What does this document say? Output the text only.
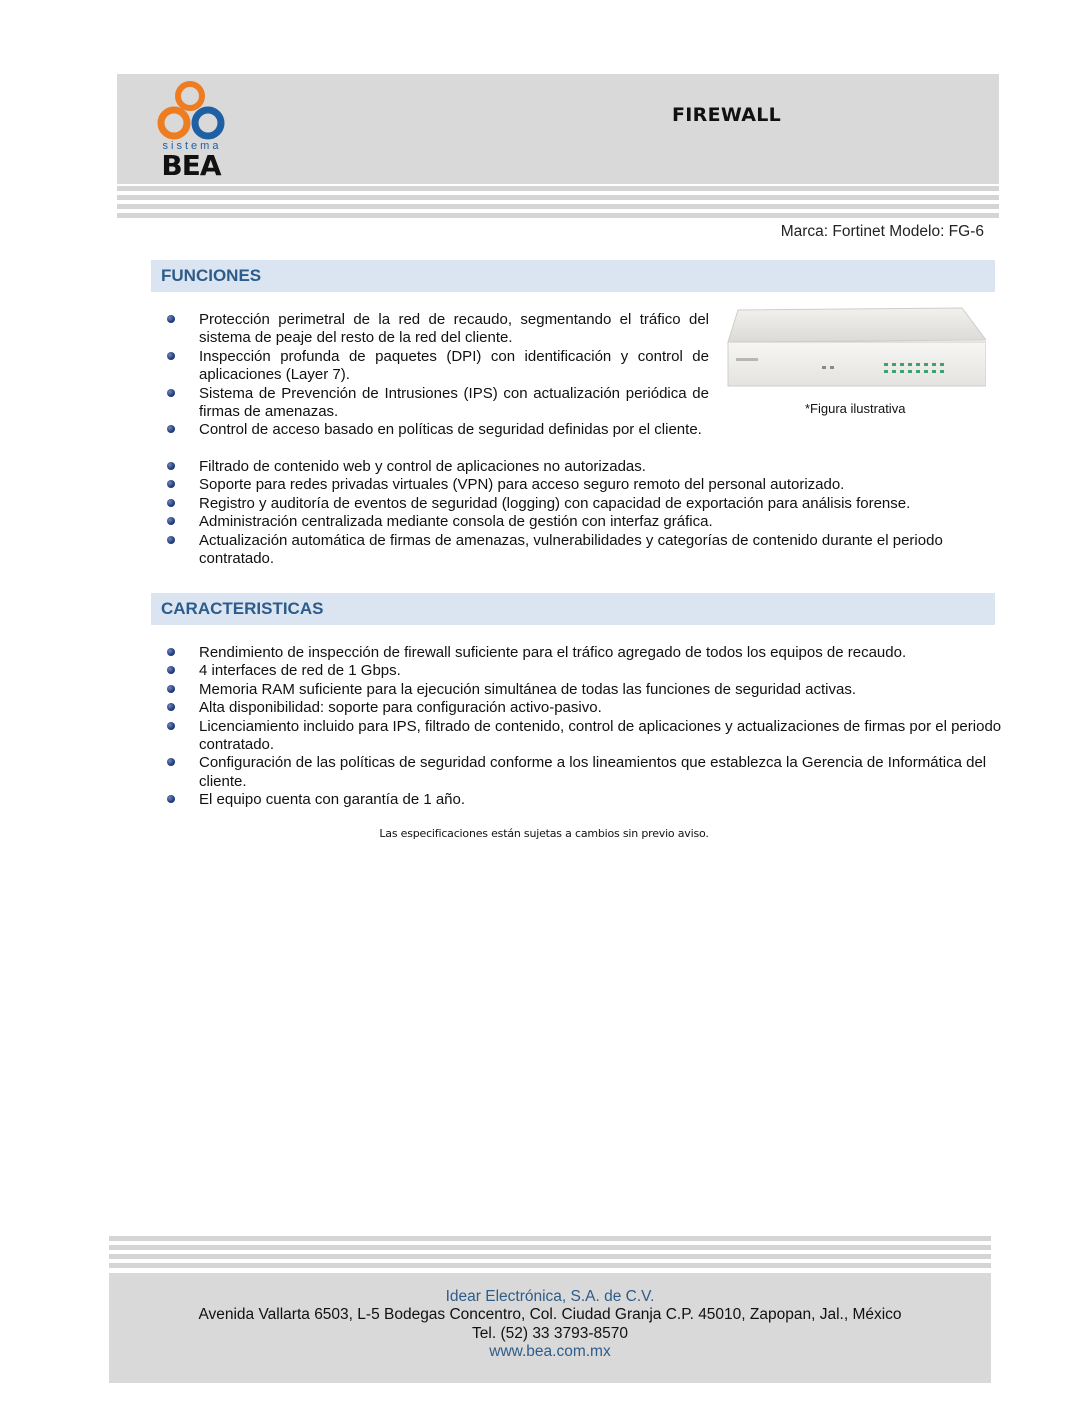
sistema
BEA
FIREWALL
Marca: Fortinet Modelo: FG-6
FUNCIONES
Protección perimetral de la red de recaudo, segmentando el tráfico del sistema de peaje del resto de la red del cliente.
Inspección profunda de paquetes (DPI) con identificación y control de aplicaciones (Layer 7).
Sistema de Prevención de Intrusiones (IPS) con actualización periódica de firmas de amenazas.
Control de acceso basado en políticas de seguridad definidas por el cliente.
Filtrado de contenido web y control de aplicaciones no autorizadas.
Soporte para redes privadas virtuales (VPN) para acceso seguro remoto del personal autorizado.
Registro y auditoría de eventos de seguridad (logging) con capacidad de exportación para análisis forense.
Administración centralizada mediante consola de gestión con interfaz gráfica.
Actualización automática de firmas de amenazas, vulnerabilidades y categorías de contenido durante el periodo contratado.
*Figura ilustrativa
CARACTERISTICAS
Rendimiento de inspección de firewall suficiente para el tráfico agregado de todos los equipos de recaudo.
4 interfaces de red de 1 Gbps.
Memoria RAM suficiente para la ejecución simultánea de todas las funciones de seguridad activas.
Alta disponibilidad: soporte para configuración activo-pasivo.
Licenciamiento incluido para IPS, filtrado de contenido, control de aplicaciones y actualizaciones de firmas por el periodo contratado.
Configuración de las políticas de seguridad conforme a los lineamientos que establezca la Gerencia de Informática del cliente.
El equipo cuenta con garantía de 1 año.
Las especificaciones están sujetas a cambios sin previo aviso.
Idear Electrónica, S.A. de C.V.
Avenida Vallarta 6503, L-5 Bodegas Concentro, Col. Ciudad Granja C.P. 45010, Zapopan, Jal., México
Tel. (52) 33 3793-8570
www.bea.com.mx
